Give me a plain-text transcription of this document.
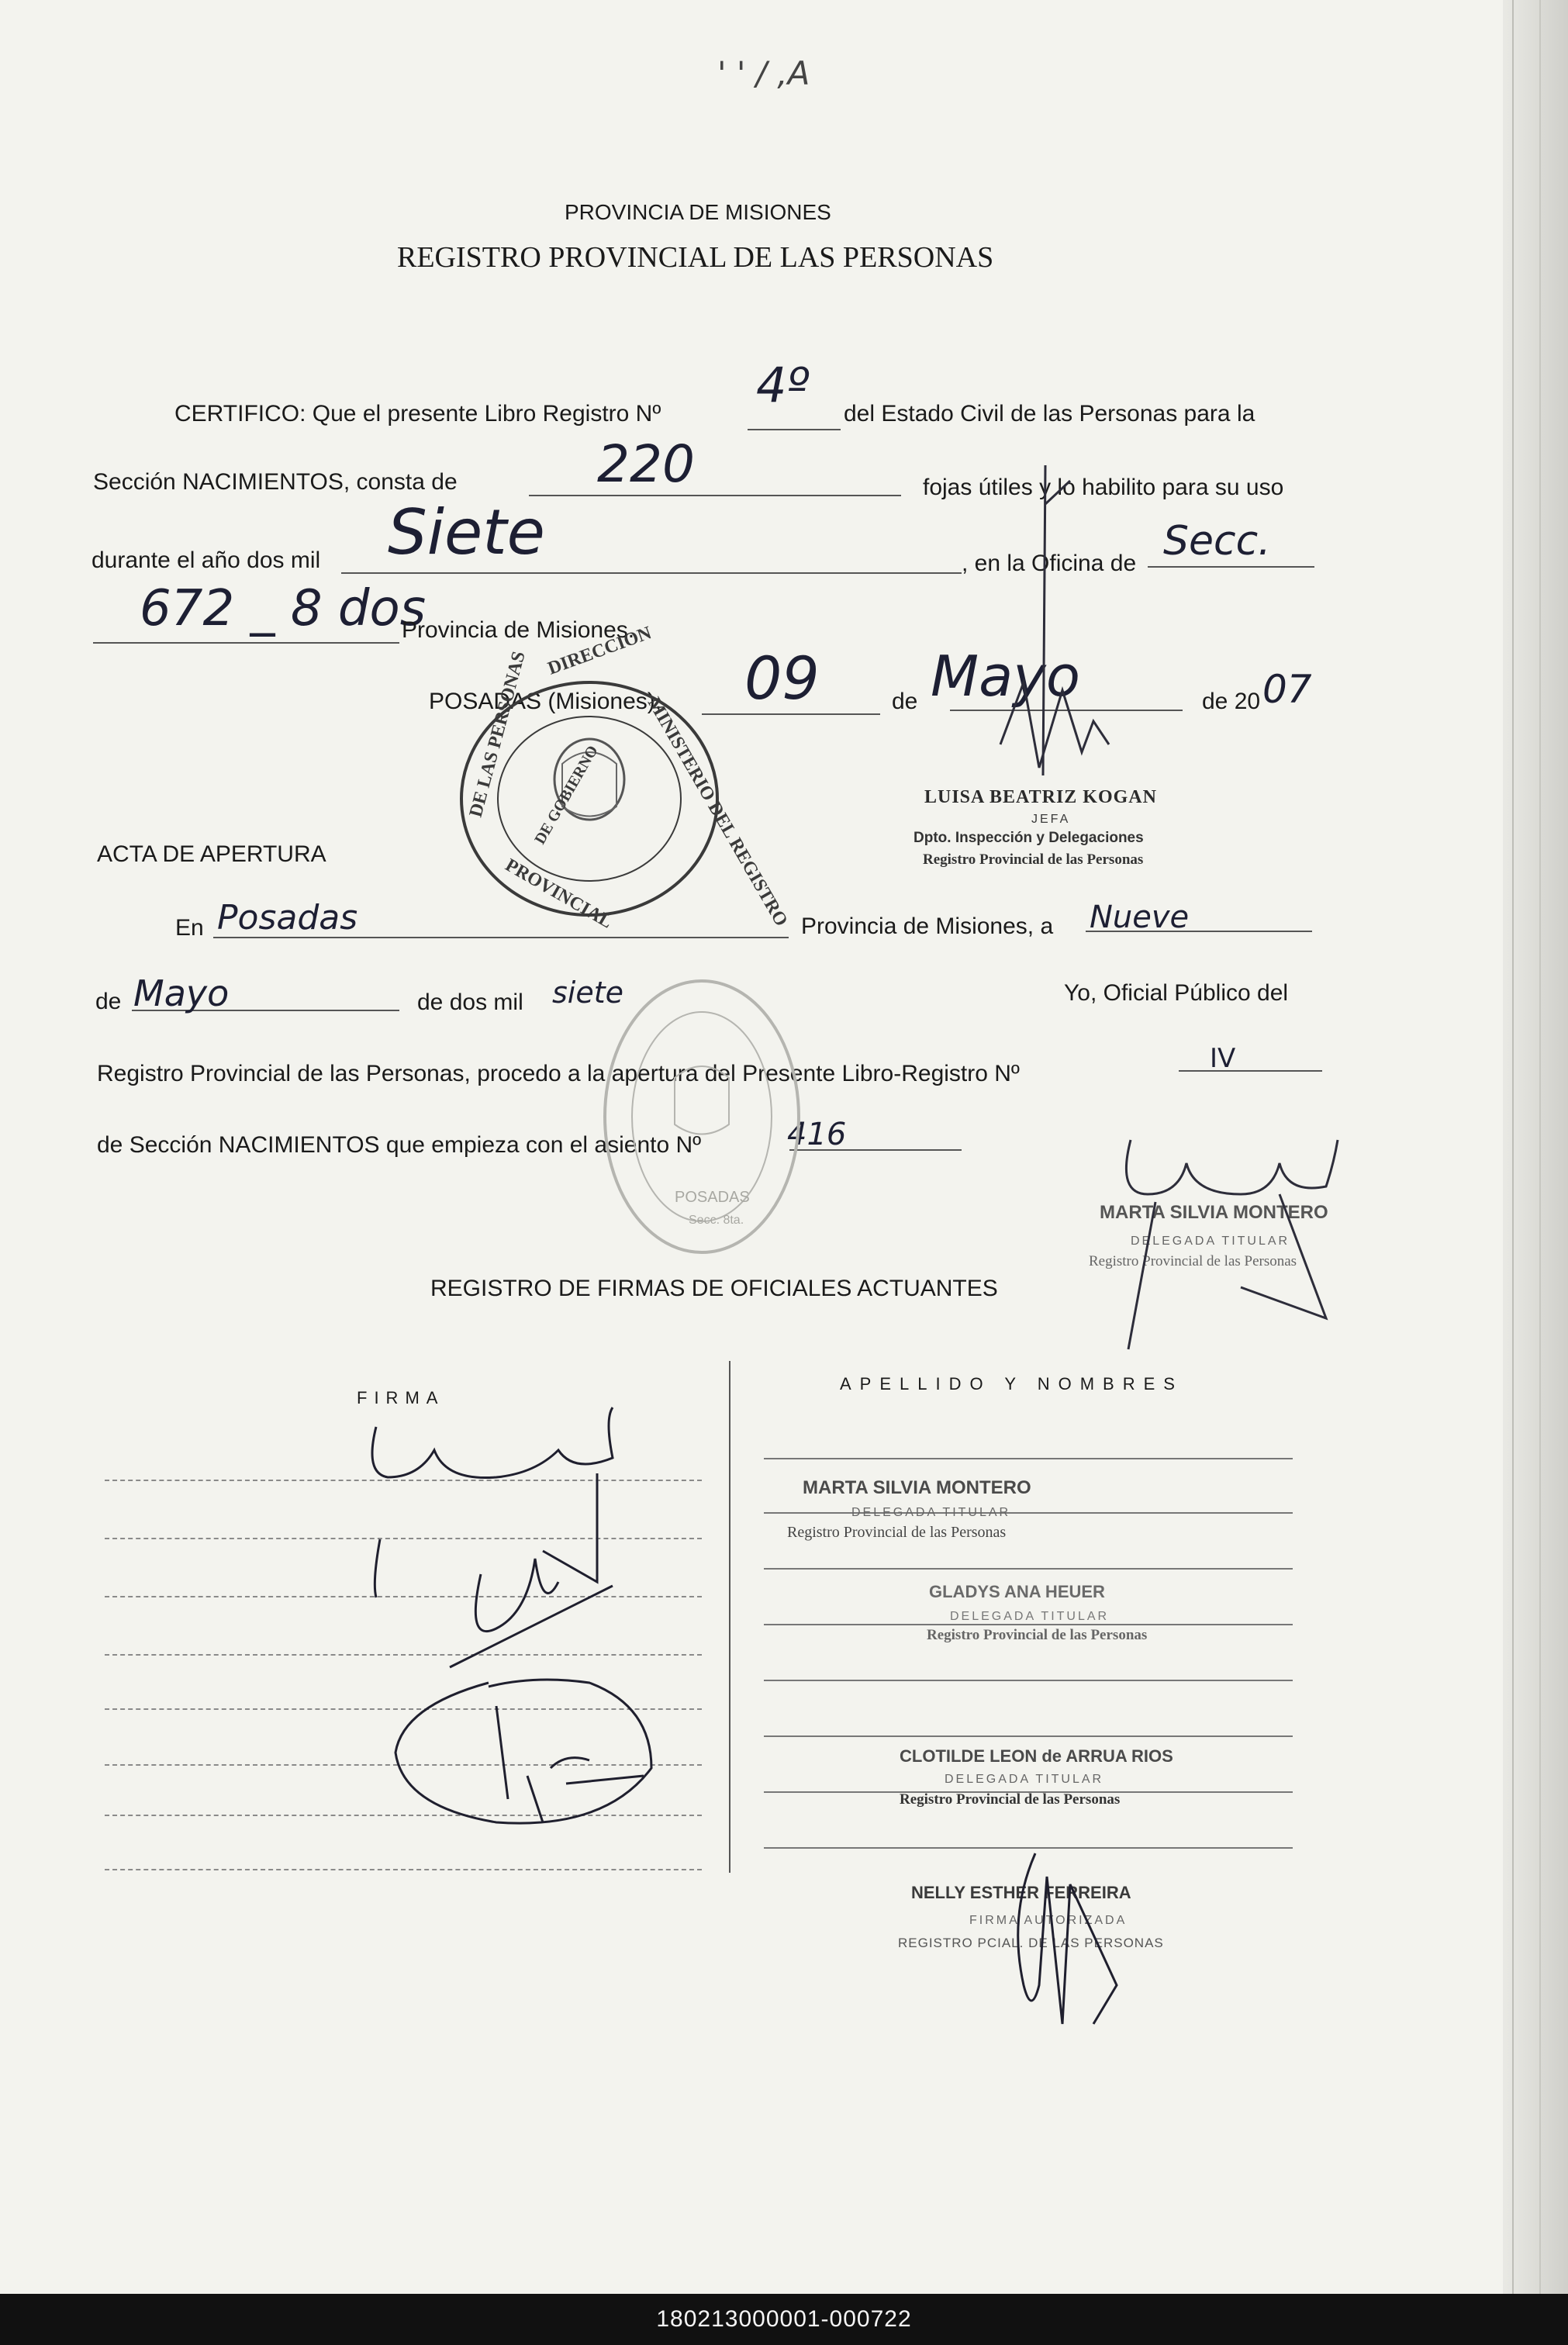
' ' / ,A
PROVINCIA DE MISIONES
REGISTRO PROVINCIAL DE LAS PERSONAS
CERTIFICO: Que el presente Libro Registro Nº
4º
del Estado Civil de las Personas para la
Sección NACIMIENTOS, consta de	220	fojas útiles y lo habilito para su uso
durante el año dos mil Siete	, en la Oficina de Secc.
672 _ 8 dos
Provincia de Misiones.
POSADAS (Misiones), 09	de Mayo	de 20 07
LUISA BEATRIZ KOGAN
JEFA
Dpto. Inspección y Delegaciones
Registro Provincial de las Personas
ACTA DE APERTURA
En Posadas	Provincia de Misiones, a Nueve
de Mayo	de dos mil siete	Yo, Oficial Público del
Registro Provincial de las Personas, procedo a la apertura del Presente Libro-Registro Nº	IV
de Sección NACIMIENTOS que empieza con el asiento Nº	416
MARTA SILVIA MONTERO
DELEGADA TITULAR
Registro Provincial de las Personas
REGISTRO DE FIRMAS DE OFICIALES ACTUANTES
FIRMA
APELLIDO Y NOMBRES
MARTA SILVIA MONTERO
DELEGADA TITULAR
Registro Provincial de las Personas
GLADYS ANA HEUER
DELEGADA TITULAR
Registro Provincial de las Personas
CLOTILDE LEON de ARRUA RIOS
DELEGADA TITULAR
Registro Provincial de las Personas
NELLY ESTHER FERREIRA
FIRMA AUTORIZADA
REGISTRO PCIAL. DE LAS PERSONAS
DE LAS PERSONAS	MINISTERIO DEL REGISTRO
PROVINCIAL
DIRECCION
DE GOBIERNO
POSADAS
Secc. 8ta.
180213000001-000722
